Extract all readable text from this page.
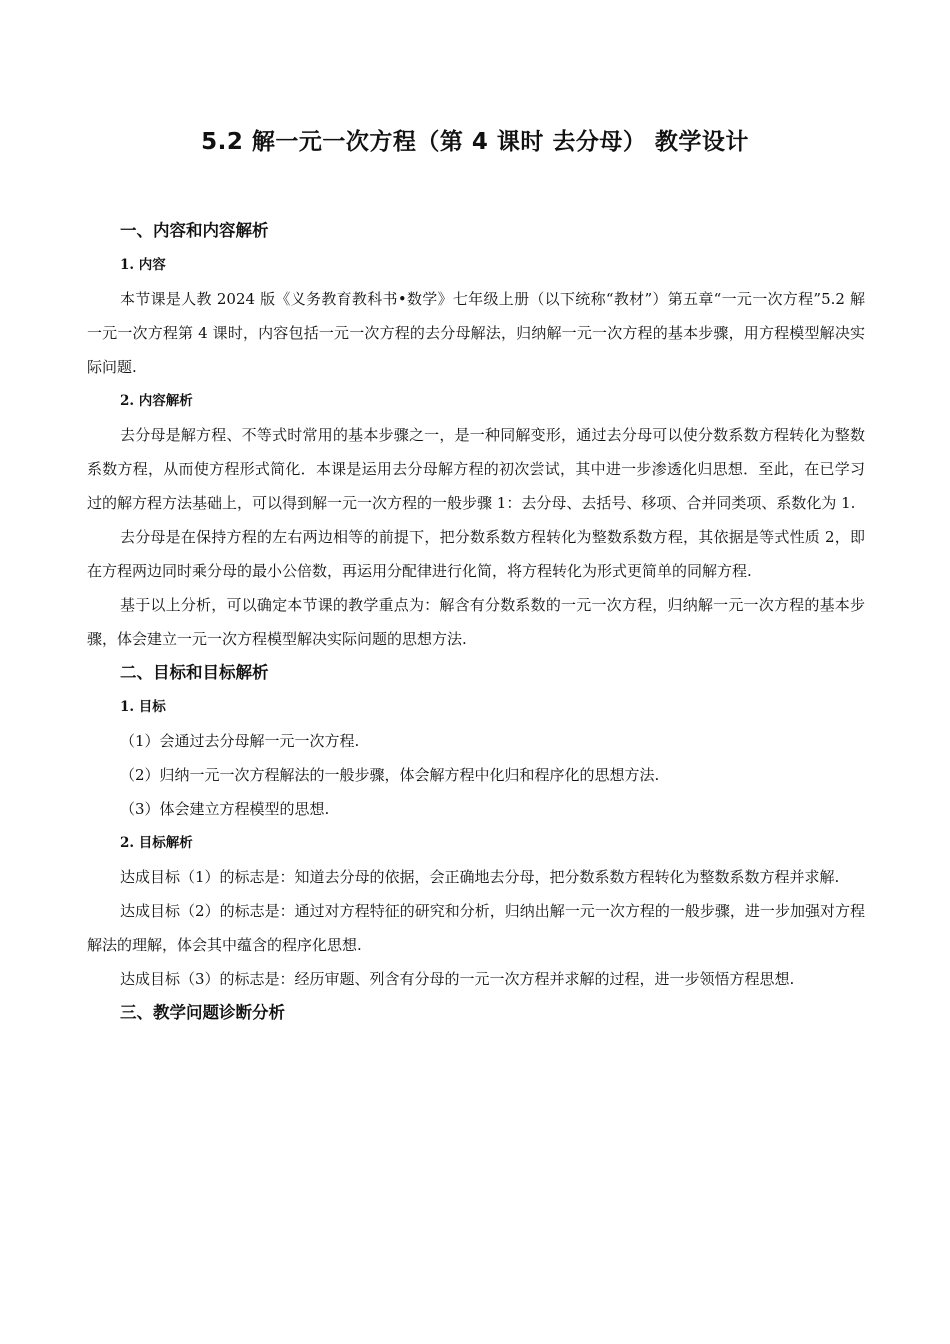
5.2 解一元一次方程（第 4 课时 去分母） 教学设计
一、内容和内容解析
1. 内容

本节课是人教 2024 版《义务教育教科书•数学》七年级上册（以下统称“教材”）第五章“一元一次方程”5.2 解一元一次方程第 4 课时，内容包括一元一次方程的去分母解法，归纳解一元一次方程的基本步骤，用方程模型解决实际问题.

2. 内容解析

去分母是解方程、不等式时常用的基本步骤之一，是一种同解变形，通过去分母可以使分数系数方程转化为整数系数方程，从而使方程形式简化．本课是运用去分母解方程的初次尝试，其中进一步渗透化归思想．至此，在已学习过的解方程方法基础上，可以得到解一元一次方程的一般步骤 1：去分母、去括号、移项、合并同类项、系数化为 1.

去分母是在保持方程的左右两边相等的前提下，把分数系数方程转化为整数系数方程，其依据是等式性质 2，即在方程两边同时乘分母的最小公倍数，再运用分配律进行化简，将方程转化为形式更简单的同解方程.

基于以上分析，可以确定本节课的教学重点为：解含有分数系数的一元一次方程，归纳解一元一次方程的基本步骤，体会建立一元一次方程模型解决实际问题的思想方法.

二、目标和目标解析
1. 目标

（1）会通过去分母解一元一次方程.

（2）归纳一元一次方程解法的一般步骤，体会解方程中化归和程序化的思想方法.

（3）体会建立方程模型的思想.

2. 目标解析

达成目标（1）的标志是：知道去分母的依据，会正确地去分母，把分数系数方程转化为整数系数方程并求解.

达成目标（2）的标志是：通过对方程特征的研究和分析，归纳出解一元一次方程的一般步骤，进一步加强对方程解法的理解，体会其中蕴含的程序化思想.

达成目标（3）的标志是：经历审题、列含有分母的一元一次方程并求解的过程，进一步领悟方程思想.

三、教学问题诊断分析
